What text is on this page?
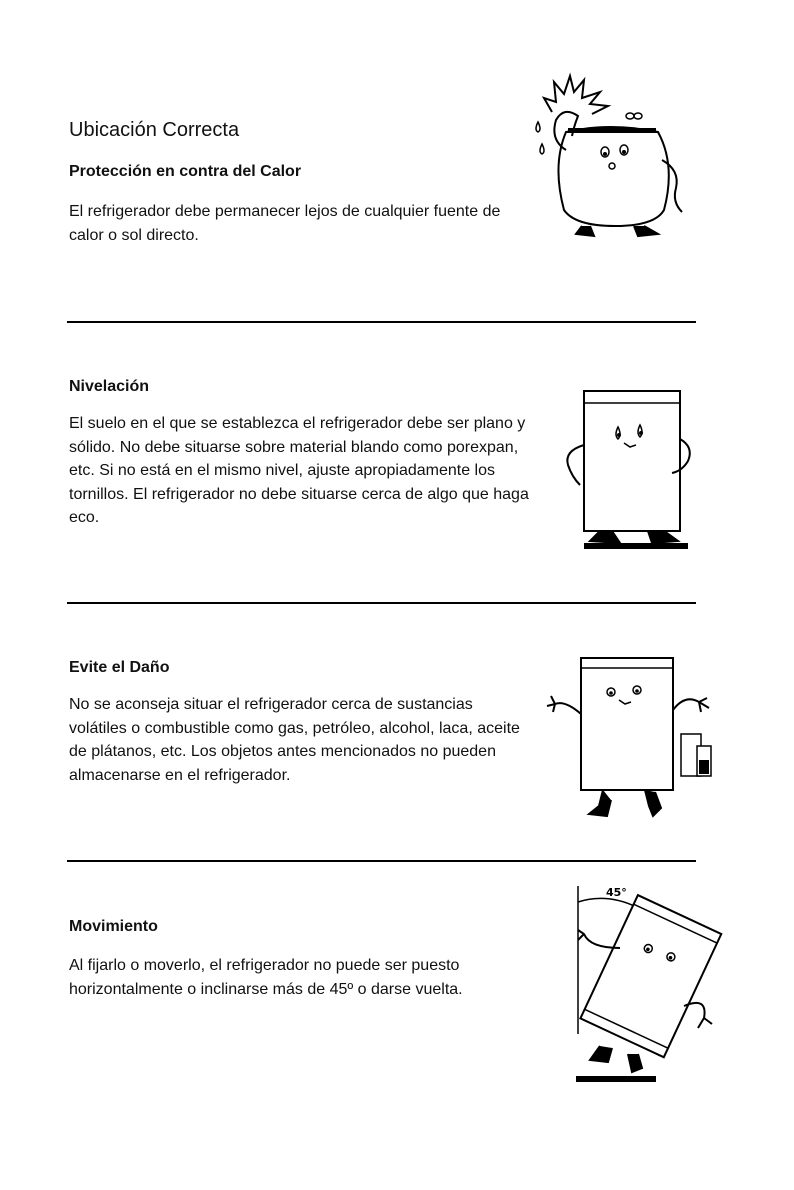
Ubicación Correcta
Protección en contra del Calor

El refrigerador debe permanecer lejos de cualquier fuente de calor o sol directo.

Nivelación

El suelo en el que se establezca el refrigerador debe ser plano y sólido. No debe situarse sobre material blando como porexpan, etc. Si no está en el mismo nivel, ajuste apropiadamente los tornillos. El refrigerador no debe situarse cerca de algo que haga eco.

Evite el Daño

No se aconseja situar el refrigerador cerca de sustancias volátiles o combustible como gas, petróleo, alcohol, laca, aceite de plátanos, etc. Los objetos antes mencionados no pueden almacenarse en el refrigerador.

Movimiento

Al fijarlo o moverlo, el refrigerador no puede ser puesto horizontalmente o inclinarse más de 45º o darse vuelta.

45°
